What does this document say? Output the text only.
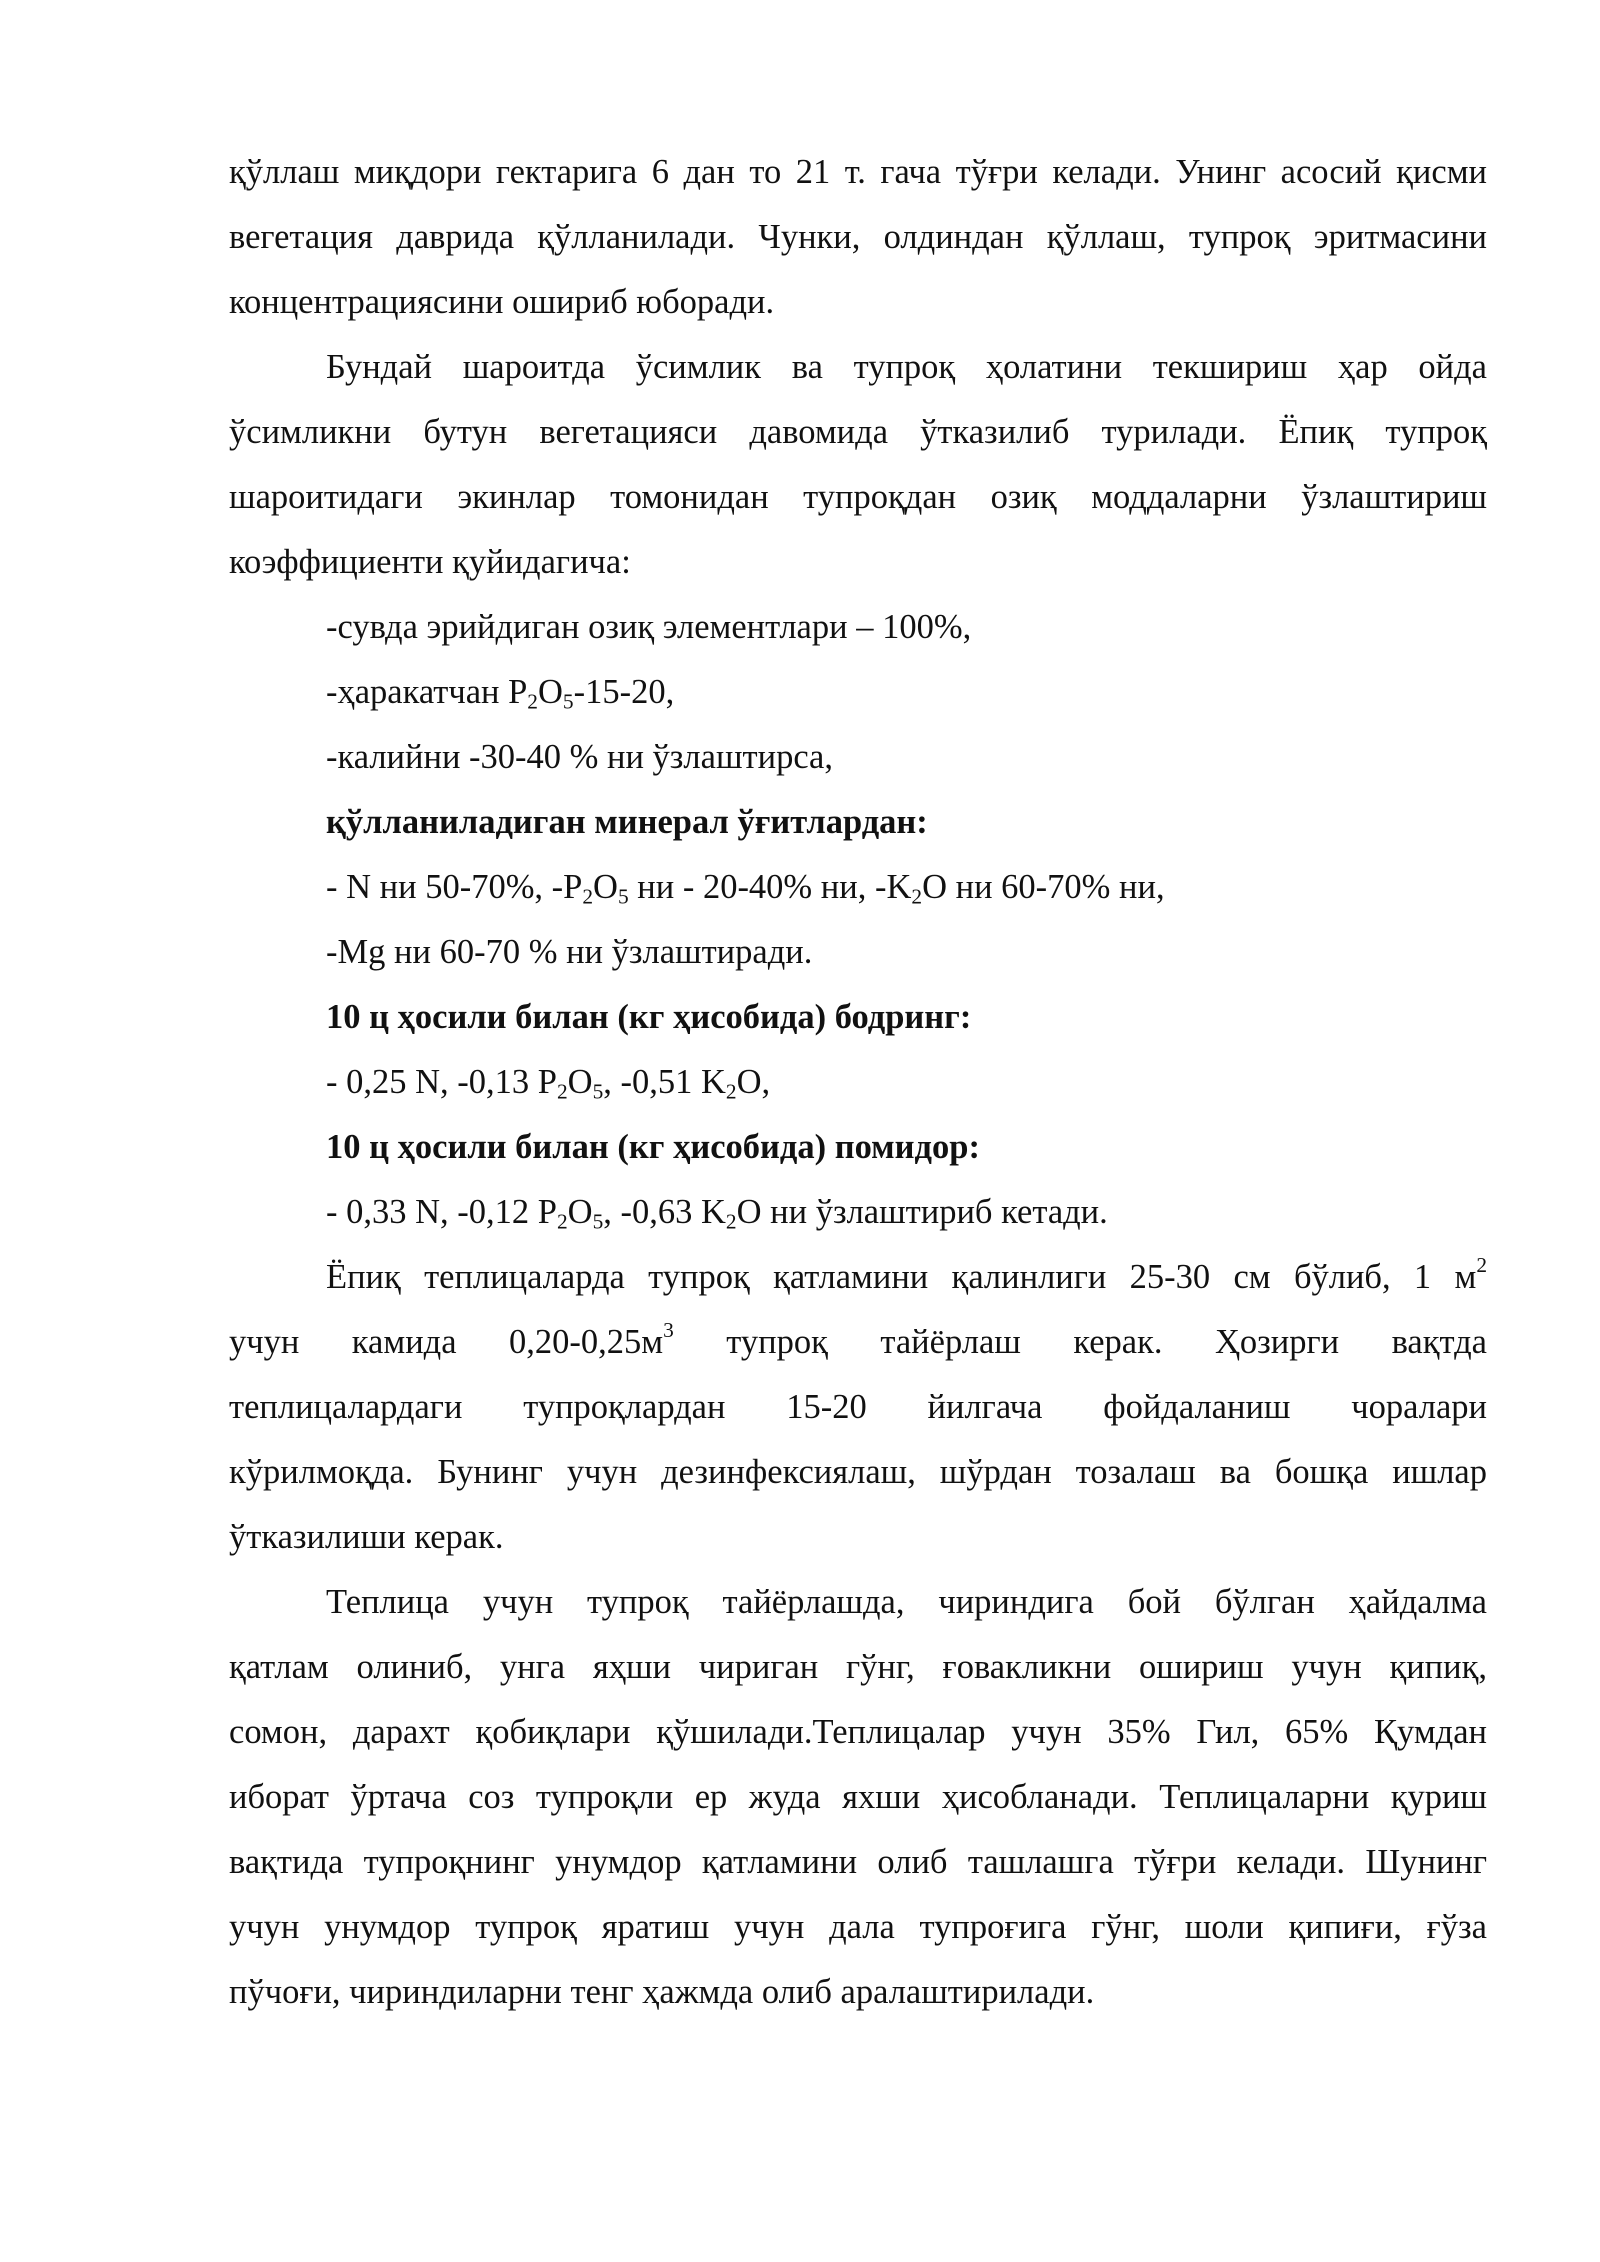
қўллаш миқдори гектарига 6 дан то 21 т. гача тўғри келади. Унинг асосий қисми
вегетация даврида қўлланилади. Чунки, олдиндан қўллаш, тупроқ эритмасини
концентрациясини ошириб юборади.
Бундай шароитда ўсимлик ва тупроқ ҳолатини текшириш ҳар ойда
ўсимликни бутун вегетацияси давомида ўтказилиб турилади. Ёпиқ тупроқ
шароитидаги экинлар томонидан тупроқдан озиқ моддаларни ўзлаштириш
коэффициенти қуйидагича:
-сувда эрийдиган озиқ элементлари – 100%,
-ҳаракатчан $P_2O_5-15-20$,
-калийни -30-40 % ни ўзлаштирса,
қўлланиладиган минерал ўғитлардан:
- N ни 50-70%, $-P_2O_5$ ни - 20-40% ни, $-K_2O$ ни 60-70% ни,
-Mg ни 60-70 % ни ўзлаштиради.
10 ц ҳосили билан (кг ҳисобида) бодринг:
- 0,25 N, -0,13 $P_2O_5$, -0,51 $K_2O$,
10 ц ҳосили билан (кг ҳисобида) помидор:
- 0,33 N, -0,12 $P_2O_5$, -0,63 $K_2O$ ни ўзлаштириб кетади.
Ёпиқ теплицаларда тупроқ қатламини қалинлиги 25-30 см бўлиб, 1 $м^2$
учун камида $0,20-0,25м^3$ тупроқ тайёрлаш керак. Ҳозирги вақтда
теплицалардаги тупроқлардан 15-20 йилгача фойдаланиш чоралари
кўрилмоқда. Бунинг учун дезинфексиялаш, шўрдан тозалаш ва бошқа ишлар
ўтказилиши керак.
Теплица учун тупроқ тайёрлашда, чириндига бой бўлган ҳайдалма
қатлам олиниб, унга яҳши чириган гўнг, ғовакликни ошириш учун қипиқ,
сомон, дарахт қобиқлари қўшилади.Теплицалар учун 35% Гил, 65% Қумдан
иборат ўртача соз тупроқли ер жуда яхши ҳисобланади. Теплицаларни қуриш
вақтида тупроқнинг унумдор қатламини олиб ташлашга тўғри келади. Шунинг
учун унумдор тупроқ яратиш учун дала тупроғига гўнг, шоли қипиғи, ғўза
пўчоғи, чириндиларни тенг ҳажмда олиб аралаштирилади.
